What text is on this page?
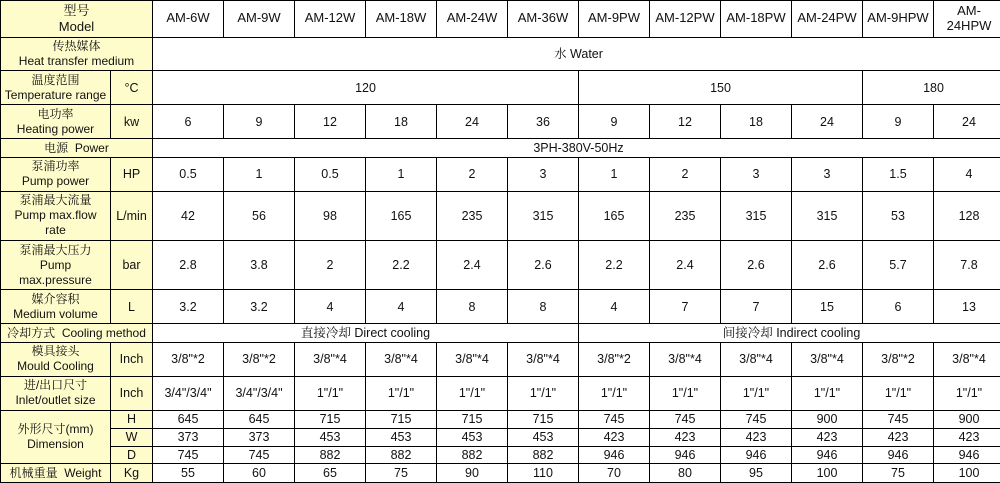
型号
Model		AM-6W	AM-9W	AM-12W	AM-18W	AM-24W	AM-36W	AM-9PW	AM-12PW	AM-18PW	AM-24PW	AM-9HPW	AM-24HPW

传热媒体
Heat transfer medium		水 Water											

温度范围
Temperature range	°C	120						150				180	

电功率
Heating power	kw	6	9	12	18	24	36	9	12	18	24	9	24
电源 Power		3PH-380V-50Hz											

泵浦功率
Pump power	HP	0.5	1	0.5	1	2	3	1	2	3	3	1.5	4

泵浦最大流量
Pump max.flow rate	L/min	42	56	98	165	235	315	165	235	315	315	53	128

泵浦最大压力
Pump max.pressure	bar	2.8	3.8	2	2.2	2.4	2.6	2.2	2.4	2.6	2.6	5.7	7.8

媒介容积
Medium volume	L	3.2	3.2	4	4	8	8	4	7	7	15	6	13
冷却方式 Cooling method		直接冷却 Direct cooling						间接冷却 Indirect cooling					

模具接头
Mould Cooling	Inch	3/8"*2	3/8"*2	3/8"*4	3/8"*4	3/8"*4	3/8"*4	3/8"*2	3/8"*4	3/8"*4	3/8"*4	3/8"*2	3/8"*4

进/出口尺寸
Inlet/outlet size	Inch	3/4"/3/4"	3/4"/3/4"	1"/1"	1"/1"	1"/1"	1"/1"	1"/1"	1"/1"	1"/1"	1"/1"	1"/1"	1"/1"

外形尺寸(mm)
Dimension	H	645	645	715	715	715	715	745	745	745	900	745	900
	W	373	373	453	453	453	453	423	423	423	423	423	423
	D	745	745	882	882	882	882	946	946	946	946	946	946
机械重量 Weight	Kg	55	60	65	75	90	110	70	80	95	100	75	100
